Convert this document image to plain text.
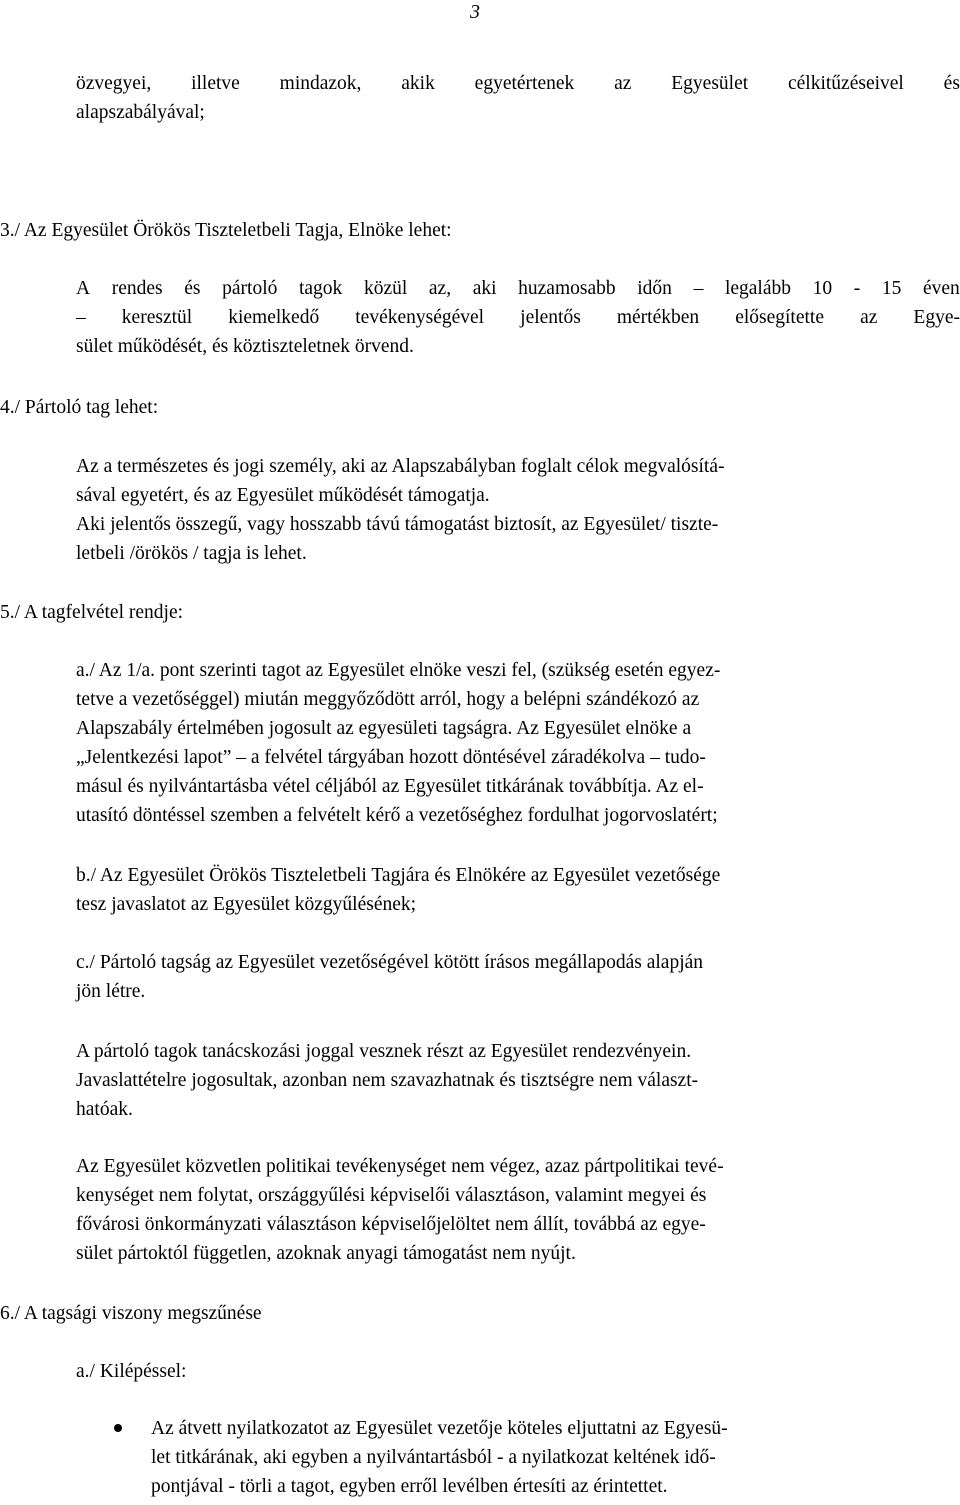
3
özvegyei, illetve mindazok, akik egyetértenek az Egyesület célkitűzéseivel és
alapszabályával;
3./ Az Egyesület Örökös Tiszteletbeli Tagja, Elnöke lehet:
A rendes és pártoló tagok közül az, aki huzamosabb időn – legalább 10 - 15 éven
– keresztül kiemelkedő tevékenységével jelentős mértékben elősegítette az Egye-
sület működését, és köztiszteletnek örvend.
4./ Pártoló tag lehet:
Az a természetes és jogi személy, aki az Alapszabályban foglalt célok megvalósítá-
sával egyetért, és az Egyesület működését támogatja.
Aki jelentős összegű, vagy hosszabb távú támogatást biztosít, az Egyesület/ tiszte-
letbeli /örökös / tagja is lehet.
5./ A tagfelvétel rendje:
a./ Az 1/a. pont szerinti tagot az Egyesület elnöke veszi fel, (szükség esetén egyez-
tetve a vezetőséggel) miután meggyőződött arról, hogy a belépni szándékozó az
Alapszabály értelmében jogosult az egyesületi tagságra. Az Egyesület elnöke a
„Jelentkezési lapot” – a felvétel tárgyában hozott döntésével záradékolva – tudo-
másul és nyilvántartásba vétel céljából az Egyesület titkárának továbbítja. Az el-
utasító döntéssel szemben a felvételt kérő a vezetőséghez fordulhat jogorvoslatért;
b./ Az Egyesület Örökös Tiszteletbeli Tagjára és Elnökére az Egyesület vezetősége
tesz javaslatot az Egyesület közgyűlésének;
c./ Pártoló tagság az Egyesület vezetőségével kötött írásos megállapodás alapján
jön létre.
A pártoló tagok tanácskozási joggal vesznek részt az Egyesület rendezvényein.
Javaslattételre jogosultak, azonban nem szavazhatnak és tisztségre nem választ-
hatóak.
Az Egyesület közvetlen politikai tevékenységet nem végez, azaz pártpolitikai tevé-
kenységet nem folytat, országgyűlési képviselői választáson, valamint megyei és
fővárosi önkormányzati választáson képviselőjelöltet nem állít, továbbá az egye-
sület pártoktól független, azoknak anyagi támogatást nem nyújt.
6./ A tagsági viszony megszűnése
a./ Kilépéssel:
Az átvett nyilatkozatot az Egyesület vezetője köteles eljuttatni az Egyesü-
let titkárának, aki egyben a nyilvántartásból - a nyilatkozat keltének idő-
pontjával - törli a tagot, egyben erről levélben értesíti az érintettet.
